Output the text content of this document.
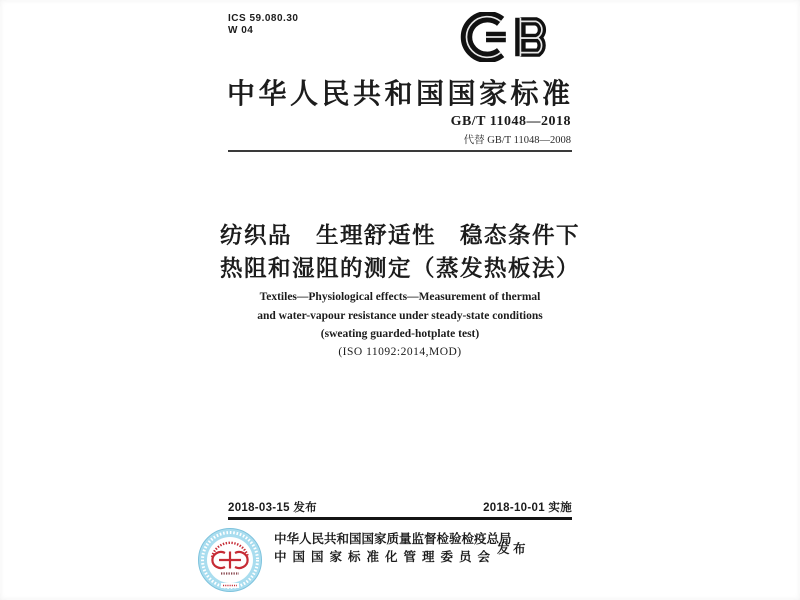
ICS 59.080.30
W 04
中华人民共和国国家标准
GB/T 11048—2018
代替 GB/T 11048—2008
纺织品　生理舒适性　稳态条件下
热阻和湿阻的测定（蒸发热板法）
Textiles—Physiological effects—Measurement of thermal
and water-vapour resistance under steady-state conditions
(sweating guarded-hotplate test)
(ISO 11092:2014,MOD)
2018-03-15 发布	2018-10-01 实施
中华人民共和国国家质量监督检验检疫总局
中 国 国 家 标 准 化 管 理 委 员 会
发 布
